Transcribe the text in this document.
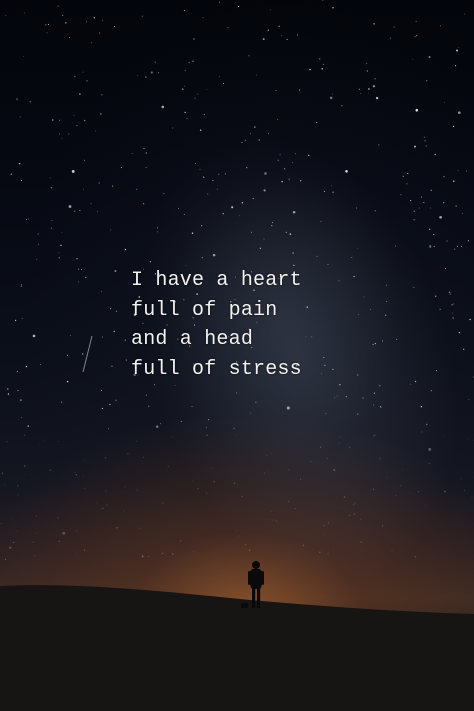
I have a heart
full of pain
and a head
full of stress
